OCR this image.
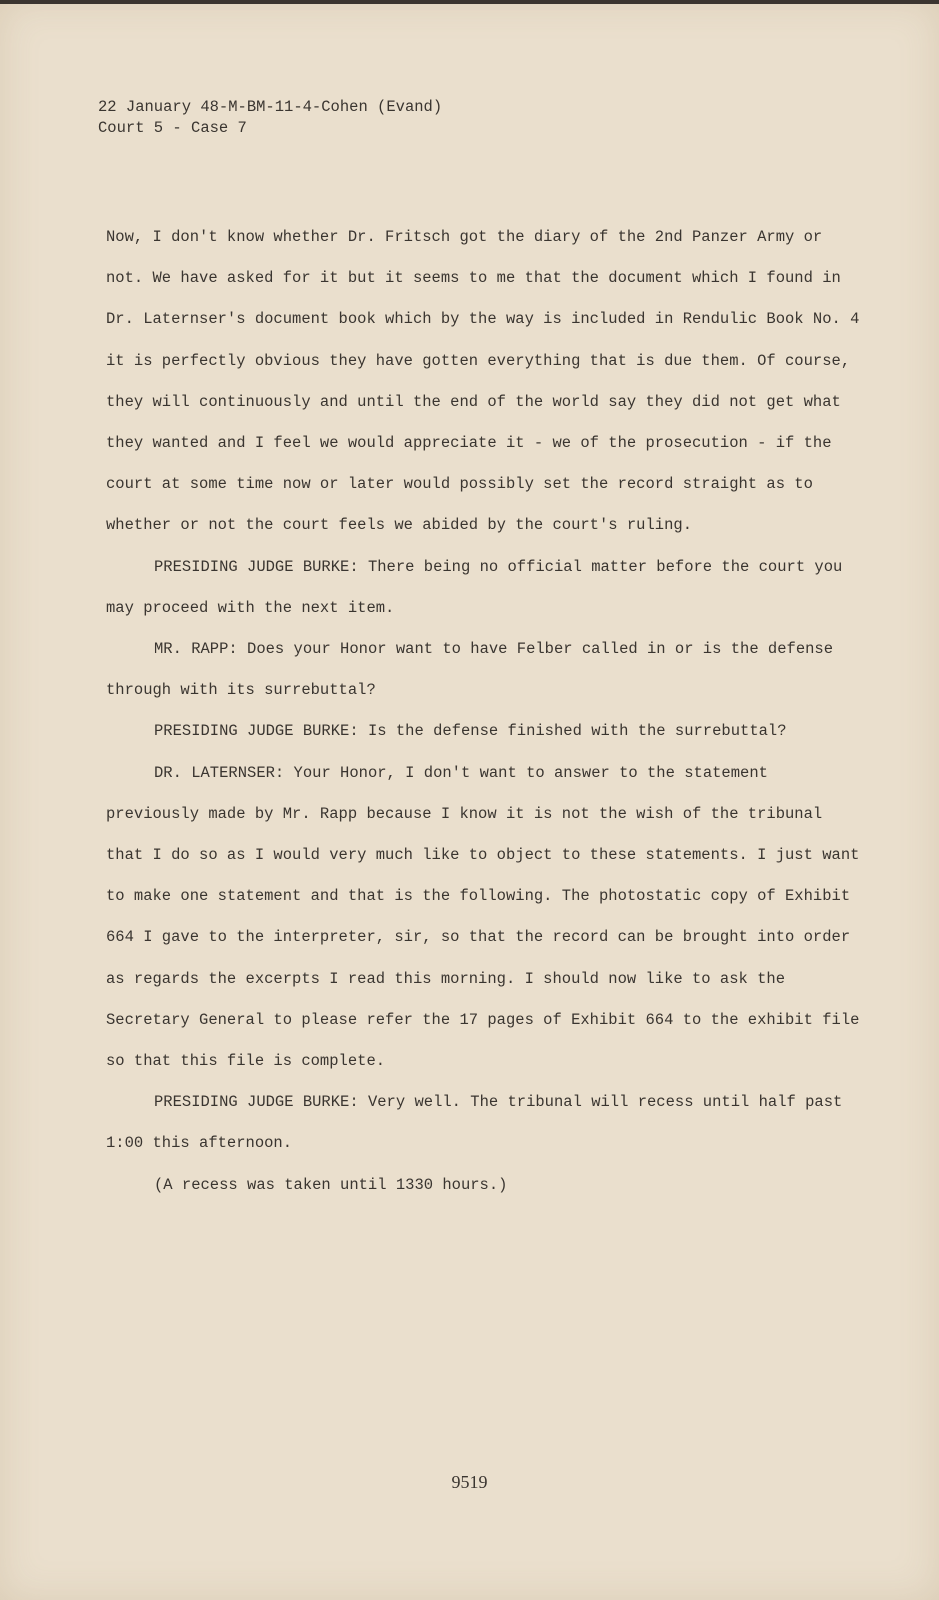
22 January 48-M-BM-11-4-Cohen (Evand)
Court 5 - Case 7

Now, I don't know whether Dr. Fritsch got the diary of the 2nd Panzer Army or not. We have asked for it but it seems to me that the document which I found in Dr. Laternser's document book which by the way is included in Rendulic Book No. 4 it is perfectly obvious they have gotten everything that is due them. Of course, they will continuously and until the end of the world say they did not get what they wanted and I feel we would appreciate it - we of the prosecution - if the court at some time now or later would possibly set the record straight as to whether or not the court feels we abided by the court's ruling.

PRESIDING JUDGE BURKE: There being no official matter before the court you may proceed with the next item.

MR. RAPP: Does your Honor want to have Felber called in or is the defense through with its surrebuttal?

PRESIDING JUDGE BURKE: Is the defense finished with the surrebuttal?

DR. LATERNSER: Your Honor, I don't want to answer to the statement previously made by Mr. Rapp because I know it is not the wish of the tribunal that I do so as I would very much like to object to these statements. I just want to make one statement and that is the following. The photostatic copy of Exhibit 664 I gave to the interpreter, sir, so that the record can be brought into order as regards the excerpts I read this morning. I should now like to ask the Secretary General to please refer the 17 pages of Exhibit 664 to the exhibit file so that this file is complete.

PRESIDING JUDGE BURKE: Very well. The tribunal will recess until half past 1:00 this afternoon.

(A recess was taken until 1330 hours.)

9519
